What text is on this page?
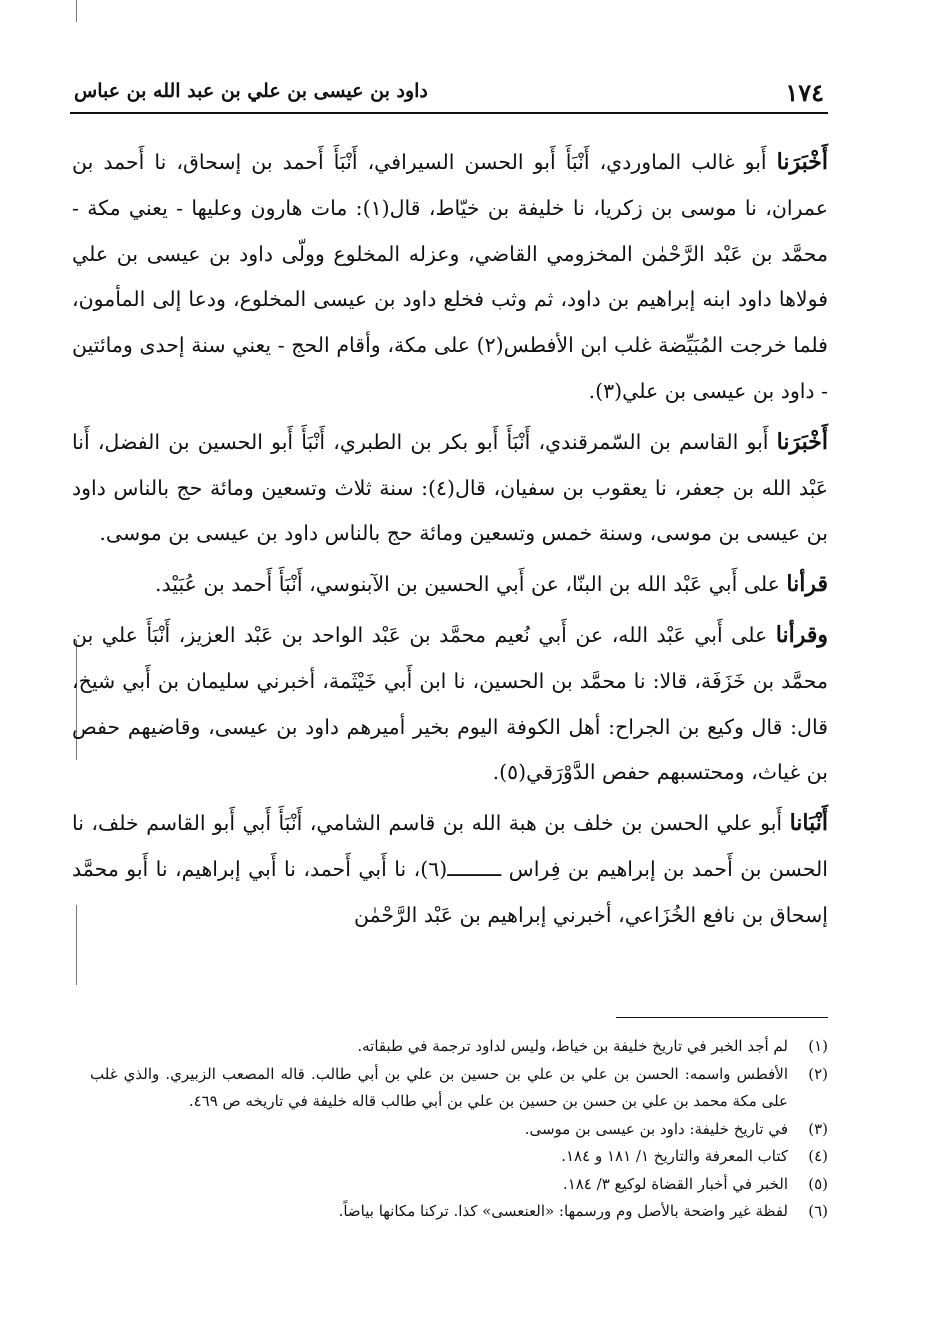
١٧٤
داود بن عيسى بن علي بن عبد الله بن عباس

أَخْبَرَنا أَبو غالب الماوردي، أَنْبَأَ أَبو الحسن السيرافي، أَنْبَأَ أَحمد بن إسحاق، نا أَحمد بن عمران، نا موسى بن زكريا، نا خليفة بن خيّاط، قال(١): مات هارون وعليها - يعني مكة - محمَّد بن عَبْد الرَّحْمٰن المخزومي القاضي، وعزله المخلوع وولّى داود بن عيسى بن علي فولاها داود ابنه إبراهيم بن داود، ثم وثب فخلع داود بن عيسى المخلوع، ودعا إلى المأمون، فلما خرجت المُبَيِّضة غلب ابن الأفطس(٢) على مكة، وأقام الحج - يعني سنة إحدى ومائتين - داود بن عيسى بن علي(٣).

أَخْبَرَنا أَبو القاسم بن السّمرقندي، أَنْبَأَ أَبو بكر بن الطبري، أَنْبَأَ أَبو الحسين بن الفضل، أَنا عَبْد الله بن جعفر، نا يعقوب بن سفيان، قال(٤): سنة ثلاث وتسعين ومائة حج بالناس داود بن عيسى بن موسى، وسنة خمس وتسعين ومائة حج بالناس داود بن عيسى بن موسى.

قرأنا على أَبي عَبْد الله بن البنّا، عن أَبي الحسين بن الآبنوسي، أَنْبَأَ أَحمد بن عُبَيْد.

وقرأنا على أَبي عَبْد الله، عن أَبي نُعيم محمَّد بن عَبْد الواحد بن عَبْد العزيز، أَنْبَأَ علي بن محمَّد بن خَزَفَة، قالا: نا محمَّد بن الحسين، نا ابن أَبي خَيْثَمة، أخبرني سليمان بن أَبي شيخ، قال: قال وكيع بن الجراح: أهل الكوفة اليوم بخير أميرهم داود بن عيسى، وقاضيهم حفص بن غياث، ومحتسبهم حفص الدَّوْرَقي(٥).

أَنْبَانا أَبو علي الحسن بن خلف بن هبة الله بن قاسم الشامي، أَنْبَأَ أَبي أَبو القاسم خلف، نا الحسن بن أَحمد بن إبراهيم بن فِراس ـــــــــ(٦)، نا أَبي أَحمد، نا أَبي إبراهيم، نا أَبو محمَّد إسحاق بن نافع الخُزَاعي، أخبرني إبراهيم بن عَبْد الرَّحْمٰن

(١)
لم أجد الخبر في تاريخ خليفة بن خياط، وليس لداود ترجمة في طبقاته.
(٢)
الأفطس واسمه: الحسن بن علي بن علي بن حسين بن علي بن أبي طالب. قاله المصعب الزبيري. والذي غلب على مكة محمد بن علي بن حسن بن حسين بن علي بن أبي طالب قاله خليفة في تاريخه ص ٤٦٩.
(٣)
في تاريخ خليفة: داود بن عيسى بن موسى.
(٤)
كتاب المعرفة والتاريخ ١/ ١٨١ و ١٨٤.
(٥)
الخبر في أخبار القضاة لوكيع ٣/ ١٨٤.
(٦)
لفظة غير واضحة بالأصل وم ورسمها: «العنعسى» كذا. تركنا مكانها بياضاً.
